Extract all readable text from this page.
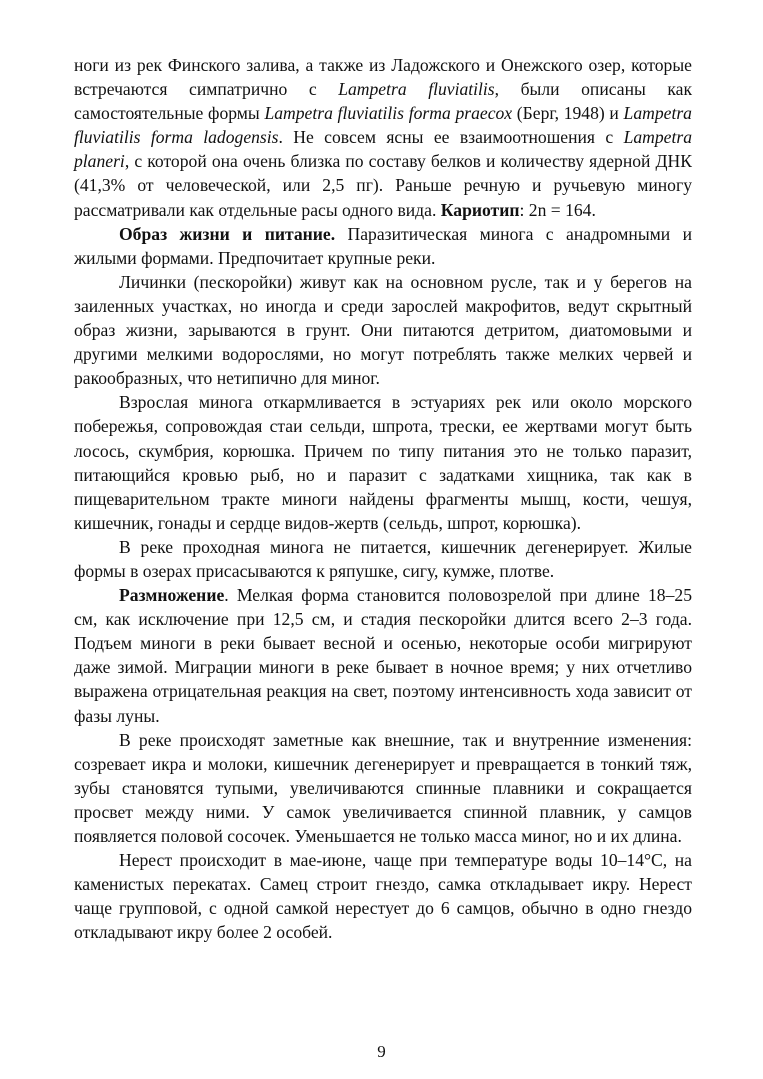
ноги из рек Финского залива, а также из Ладожского и Онежского озер, которые встречаются симпатрично с Lampetra fluviatilis, были описаны как самостоятельные формы Lampetra fluviatilis forma praecox (Берг, 1948) и Lampetra fluviatilis forma ladogensis. Не совсем ясны ее взаимоотношения с Lampetra planeri, с которой она очень близка по составу белков и количеству ядерной ДНК (41,3% от человеческой, или 2,5 пг). Раньше речную и ручьевую миногу рассматривали как отдельные расы одного вида. Кариотип: 2n = 164.

Образ жизни и питание. Паразитическая минога с анадромными и жилыми формами. Предпочитает крупные реки.

Личинки (пескоройки) живут как на основном русле, так и у берегов на заиленных участках, но иногда и среди зарослей макрофитов, ведут скрытный образ жизни, зарываются в грунт. Они питаются детритом, диатомовыми и другими мелкими водорослями, но могут потреблять также мелких червей и ракообразных, что нетипично для миног.

Взрослая минога откармливается в эстуариях рек или около морского побережья, сопровождая стаи сельди, шпрота, трески, ее жертвами могут быть лосось, скумбрия, корюшка. Причем по типу питания это не только паразит, питающийся кровью рыб, но и паразит с задатками хищника, так как в пищеварительном тракте миноги найдены фрагменты мышц, кости, чешуя, кишечник, гонады и сердце видов-жертв (сельдь, шпрот, корюшка).

В реке проходная минога не питается, кишечник дегенерирует. Жилые формы в озерах присасываются к ряпушке, сигу, кумже, плотве.

Размножение. Мелкая форма становится половозрелой при длине 18–25 см, как исключение при 12,5 см, и стадия пескоройки длится всего 2–3 года. Подъем миноги в реки бывает весной и осенью, некоторые особи мигрируют даже зимой. Миграции миноги в реке бывает в ночное время; у них отчетливо выражена отрицательная реакция на свет, поэтому интенсивность хода зависит от фазы луны.

В реке происходят заметные как внешние, так и внутренние изменения: созревает икра и молоки, кишечник дегенерирует и превращается в тонкий тяж, зубы становятся тупыми, увеличиваются спинные плавники и сокращается просвет между ними. У самок увеличивается спинной плавник, у самцов появляется половой сосочек. Уменьшается не только масса миног, но и их длина.

Нерест происходит в мае-июне, чаще при температуре воды 10–14°С, на каменистых перекатах. Самец строит гнездо, самка откладывает икру. Нерест чаще групповой, с одной самкой нерестует до 6 самцов, обычно в одно гнездо откладывают икру более 2 особей.

9
